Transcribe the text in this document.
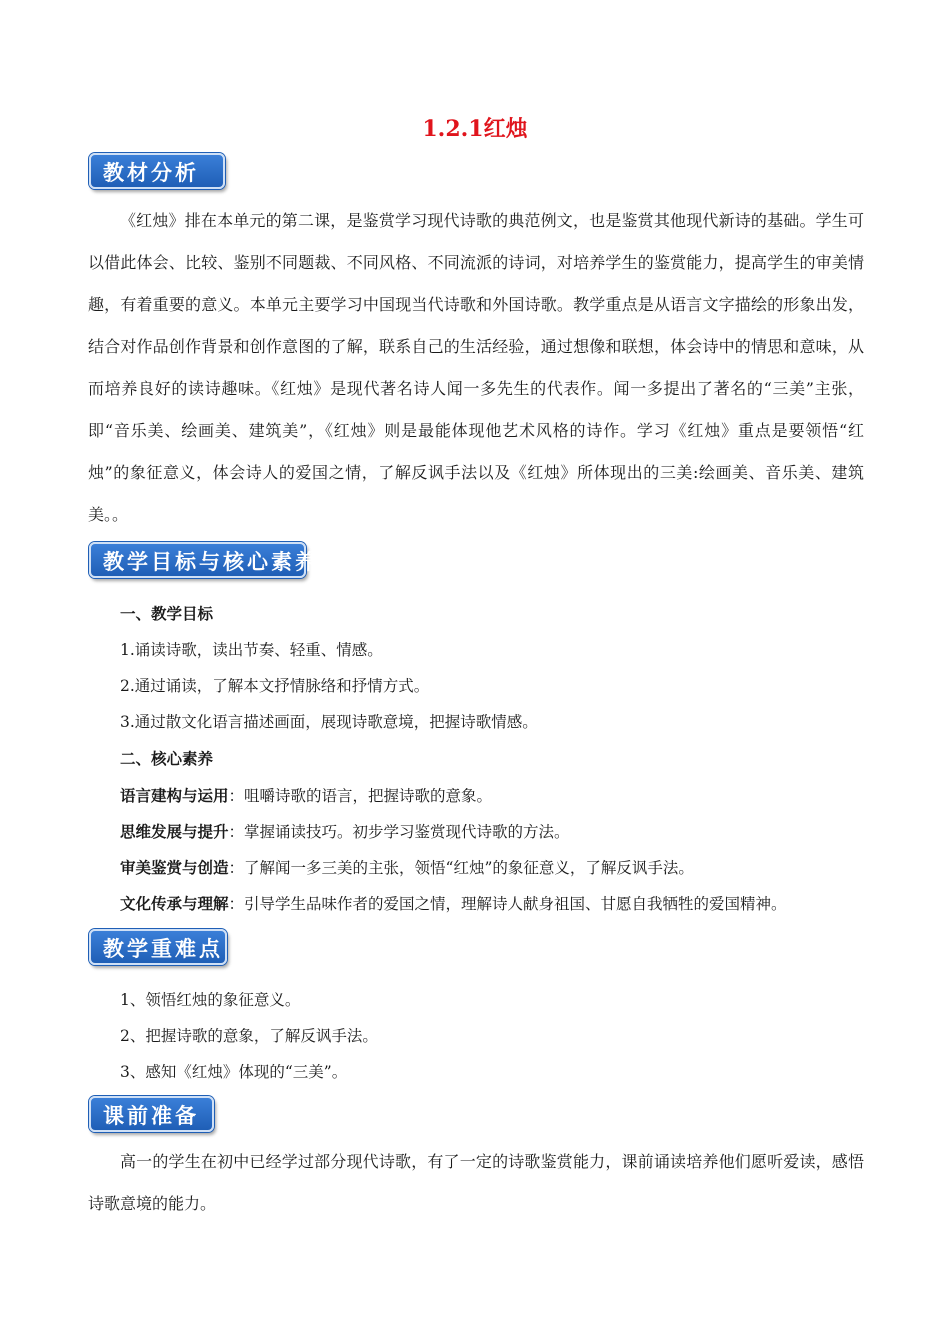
1.2.1红烛
教材分析
《红烛》排在本单元的第二课，是鉴赏学习现代诗歌的典范例文，也是鉴赏其他现代新诗的基础。学生可以借此体会、比较、鉴别不同题裁、不同风格、不同流派的诗词，对培养学生的鉴赏能力，提高学生的审美情趣，有着重要的意义。本单元主要学习中国现当代诗歌和外国诗歌。教学重点是从语言文字描绘的形象出发，结合对作品创作背景和创作意图的了解，联系自己的生活经验，通过想像和联想，体会诗中的情思和意味，从而培养良好的读诗趣味。《红烛》是现代著名诗人闻一多先生的代表作。闻一多提出了著名的“三美”主张，即“音乐美、绘画美、建筑美”，《红烛》则是最能体现他艺术风格的诗作。学习《红烛》重点是要领悟“红烛”的象征意义，体会诗人的爱国之情，了解反讽手法以及《红烛》所体现出的三美:绘画美、音乐美、建筑美。。
教学目标与核心素养
一、教学目标
1.诵读诗歌，读出节奏、轻重、情感。
2.通过诵读，了解本文抒情脉络和抒情方式。
3.通过散文化语言描述画面，展现诗歌意境，把握诗歌情感。
二、核心素养
语言建构与运用：咀嚼诗歌的语言，把握诗歌的意象。
思维发展与提升：掌握诵读技巧。初步学习鉴赏现代诗歌的方法。
审美鉴赏与创造：了解闻一多三美的主张，领悟“红烛”的象征意义，了解反讽手法。
文化传承与理解：引导学生品味作者的爱国之情，理解诗人献身祖国、甘愿自我牺牲的爱国精神。
教学重难点
1、领悟红烛的象征意义。
2、把握诗歌的意象，了解反讽手法。
3、感知《红烛》体现的“三美”。
课前准备
高一的学生在初中已经学过部分现代诗歌，有了一定的诗歌鉴赏能力，课前诵读培养他们愿听爱读，感悟诗歌意境的能力。
